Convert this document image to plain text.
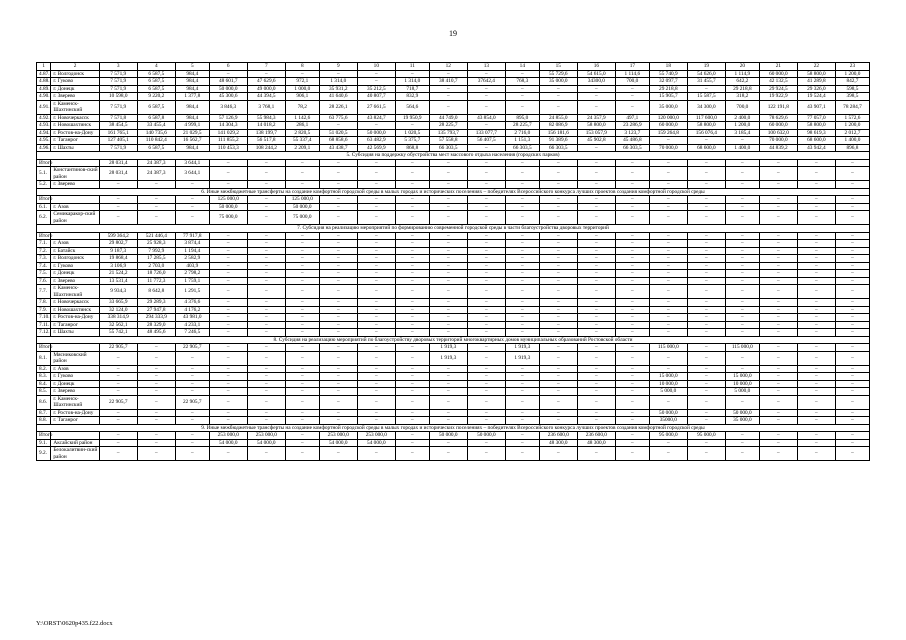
19
1	2	3	4	5	6	7	8	9	10	11	12	13	14	15	16	17	18	19	20	21	22	23
4.87.	г. Волгодонск	7 571,9	6 587,5	984,4	–	–	–	–	–	–	–	–	–	55 729,6	54 615,0	1 114,6	55 740,9	54 626,0	1 114,9	60 000,0	58 800,0	1 200,0
4.88.	г. Гуково	7 571,9	6 587,5	984,4	48 601,7	47 629,6	972,1	1 314,0	–	1 314,0	38 410,7	37642,4	768,3	35 000,0	34300,0	700,0	32 097,7	31 455,7	642,2	42 132,5	41 289,8	842,7
4.89.	г. Донецк	7 571,9	6 587,5	984,4	50 000,0	49 000,0	1 000,0	35 931,2	35 212,5	718,7	–	–	–	–	–	–	29 218,8	–	29 218,8	29 924,5	29 326,0	598,5
4.90.	г. Зверево	10 598,0	9 220,2	1 377,8	45 300,6	44 394,5	906,1	41 640,6	40 807,7	832,9	–	–	–	–	–	–	15 905,7	15 587,5	318,2	19 922,9	19 524,4	398,5
4.91.	г. Каменск-Шахтинский	7 571,9	6 587,5	984,4	3 846,3	3 768,1	78,2	28 226,1	27 661,5	564,6	–	–	–	–	–	–	35 000,0	34 300,0	700,0	122 191,8	43 907,1	78 284,7
4.92.	г. Новочеркасск	7 571,8	6 587,8	984,4	57 126,9	55 984,3	1 142,6	63 775,6	43 824,7	19 950,9	44 749,0	43 854,0	895,0	24 855,0	24 357,9	497,1	120 000,0	117 600,0	2 400,0	78 629,6	77 057,0	1 572,6
4.93.	г. Новошахтинск	38 454,5	33 455,4	4 999,1	14 304,3	14 018,2	286,1	–	–	–	28 225,7	–	28 225,7	82 086,9	58 800,0	23 286,9	60 000,0	58 800,0	1 200,0	60 000,0	58 800,0	1 200,0
4.94.	г. Ростов-на-Дону	161 765,1	140 735,6	21 029,5	141 029,2	138 199,7	2 820,5	51 020,5	50 000,0	1 020,5	135 793,7	133 077,7	2 716,0	156 181,6	153 057,9	3 123,7	159 264,8	156 076,4	3 185,4	100 632,0	98 619,3	2 012,7
4.95.	г. Таганрог	127 405,1	110 842,4	16 562,7	111 855,2	56 517,8	55 337,4	68 858,6	63 482,9	5 375,7	57 558,8	56 407,5	1 151,3	91 389,6	45 902,8	45 486,8	–	–	–	70 000,0	68 600,0	1 400,0
4.96.	г. Шахты	7 571,9	6 587,5	984,4	110 453,3	108 244,2	2 209,1	43 438,7	42 569,9	868,8	66 303,5	–	66 303,5	66 303,5	–	66 303,5	70 000,0	68 600,0	1 400,0	44 839,2	43 942,4	896,8
5. Субсидия на поддержку обустройства мест массового отдыха населения (городских парков)																						
Итого		28 031,4	24 387,3	3 644,1	–	–	–	–	–	–	–	–	–	–	–	–	–	–	–	–	–	–
5.1.	Константинов-ский район	28 031,4	24 387,3	3 644,1	–	–	–	–	–	–	–	–	–	–	–	–	–	–	–	–	–	–
5.2.	г. Зверево	–	–	–	–	–	–	–	–	–	–	–	–	–	–	–	–	–	–	–	–	–
6. Иные межбюджетные трансферты на создание комфортной городской среды в малых городах и исторических поселениях – победителях Всероссийского конкурса лучших проектов создания комфортной городской среды																						
Итого		–	–	–	125 000,0	–	125 000,0	–	–	–	–	–	–	–	–	–	–	–	–	–	–	–
6.1.	г. Азов	–	–	–	50 000,0	–	50 000,0	–	–	–	–	–	–	–	–	–	–	–	–	–	–	–
6.2.	Семикаракор-ский район	–	–	–	75 000,0	–	75 000,0	–	–	–	–	–	–	–	–	–	–	–	–	–	–	–
7. Субсидия на реализацию мероприятий по формированию современной городской среды в части благоустройства дворовых территорий																						
Итого		599 364,2	521 446,4	77 917,8	–	–	–	–	–	–	–	–	–	–	–	–	–	–	–	–	–	–
7.1.	г. Азов	29 802,7	25 928,3	3 874,4	–	–	–	–	–	–	–	–	–	–	–	–	–	–	–	–	–	–
7.2.	г. Батайск	9 187,3	7 992,9	1 194,4	–	–	–	–	–	–	–	–	–	–	–	–	–	–	–	–	–	–
7.3.	г. Волгодонск	19 868,4	17 285,5	2 582,9	–	–	–	–	–	–	–	–	–	–	–	–	–	–	–	–	–	–
7.4.	г. Гуково	3 106,9	2 703,0	403,9	–	–	–	–	–	–	–	–	–	–	–	–	–	–	–	–	–	–
7.5.	г. Донецк	21 524,2	18 726,0	2 798,2	–	–	–	–	–	–	–	–	–	–	–	–	–	–	–	–	–	–
7.6.	г. Зверево	13 531,4	11 772,3	1 759,1	–	–	–	–	–	–	–	–	–	–	–	–	–	–	–	–	–	–
7.7.	г. Каменск-Шахтинский	9 934,3	8 642,8	1 291,5	–	–	–	–	–	–	–	–	–	–	–	–	–	–	–	–	–	–
7.8.	г. Новочеркасск	33 665,9	29 289,3	4 376,6	–	–	–	–	–	–	–	–	–	–	–	–	–	–	–	–	–	–
7.9.	г. Новошахтинск	32 124,0	27 947,8	4 176,2	–	–	–	–	–	–	–	–	–	–	–	–	–	–	–	–	–	–
7.10.	г. Ростов-на-Дону	338 314,9	294 333,9	43 981,0	–	–	–	–	–	–	–	–	–	–	–	–	–	–	–	–	–	–
7.11.	г. Таганрог	32 562,1	28 329,0	4 233,1	–	–	–	–	–	–	–	–	–	–	–	–	–	–	–	–	–	–
7.12.	г. Шахты	55 742,1	48 495,6	7 246,5	–	–	–	–	–	–	–	–	–	–	–	–	–	–	–	–	–	–
8. Субсидия на реализацию мероприятий по благоустройству дворовых территорий многоквартирных домов муниципальных образований Ростовской области																						
Итого		22 905,7	–	22 905,7	–	–	–	–	–	–	1 919,3	–	1 919,3	–	–	–	115 000,0	–	115 000,0	–	–	–
8.1.	Мясниковский район	–	–	–	–	–	–	–	–	–	1 919,3	–	1 919,3	–	–	–	–	–	–	–	–	–
8.2.	г. Азов	–	–	–	–	–	–	–	–	–	–	–	–	–	–	–	–	–	–	–	–	–
8.3.	г. Гуково	–	–	–	–	–	–	–	–	–	–	–	–	–	–	–	15 000,0	–	15 000,0	–	–	–
8.4.	г. Донецк	–	–	–	–	–	–	–	–	–	–	–	–	–	–	–	10 000,0	–	10 000,0	–	–	–
8.5.	г. Зверево	–	–	–	–	–	–	–	–	–	–	–	–	–	–	–	5 000,0	–	5 000,0	–	–	–
8.6.	г. Каменск-Шахтинский	22 905,7	–	22 905,7	–	–	–	–	–	–	–	–	–	–	–	–	–	–	–	–	–	–
8.7.	г. Ростов-на-Дону	–	–	–	–	–	–	–	–	–	–	–	–	–	–	–	50 000,0	–	50 000,0	–	–	–
8.8.	г. Таганрог	–	–	–	–	–	–	–	–	–	–	–	–	–	–	–	35000,0	–	35 000,0	–	–	–
9. Иные межбюджетные трансферты на создание комфортной городской среды в малых городах и исторических поселениях – победителях Всероссийского конкурса лучших проектов создания комфортной городской среды																						
Итого		–	–	–	253 000,0	253 000,0	–	253 000,0	253 000,0	–	50 000,0	50 000,0	–	236 600,0	236 600,0	–	95 000,0	95 000,0	–	–	–	–
9.1.	Аксайский район	–	–	–	54 000,0	54 000,0	–	54 000,0	54 000,0	–	–	–	–	48 300,0	48 300,0	–	–	–	–	–	–	–
9.2.	Белокалитвин-ский район	–	–	–	–	–	–	–	–	–	–	–	–	–	–	–	–	–	–	–	–	–
Y:\ORST\0620p435.f22.docx
